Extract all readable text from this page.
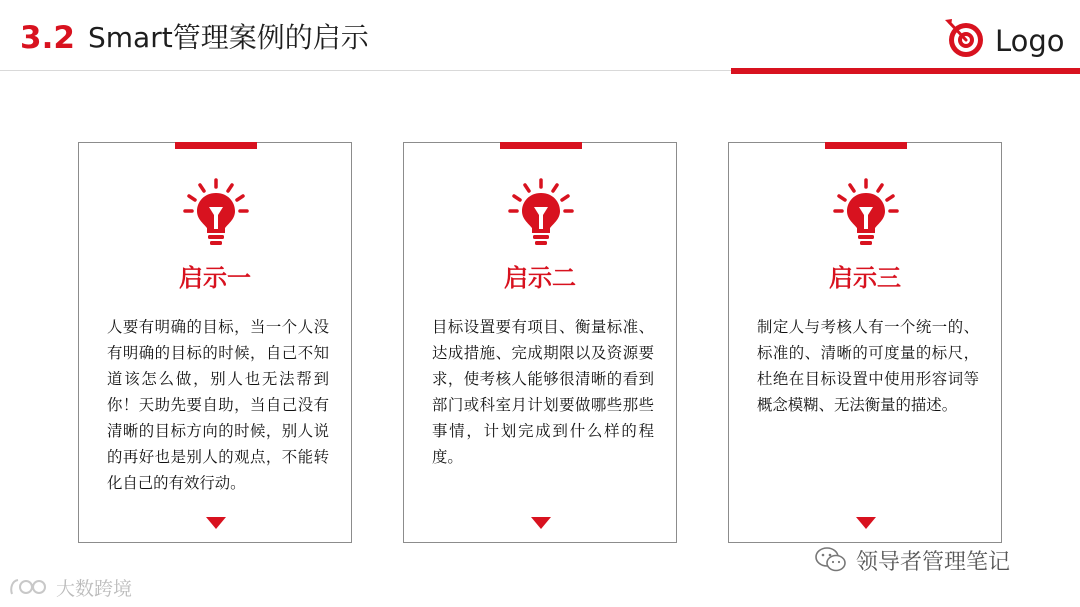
3.2 Smart管理案例的启示	Logo
启示一
人要有明确的目标，当一个人没有明确的目标的时候，自己不知道该怎么做，别人也无法帮到你！天助先要自助，当自己没有清晰的目标方向的时候，别人说的再好也是别人的观点，不能转化自己的有效行动。
启示二
目标设置要有项目、衡量标准、达成措施、完成期限以及资源要求，使考核人能够很清晰的看到部门或科室月计划要做哪些那些事情，计划完成到什么样的程度。
启示三
制定人与考核人有一个统一的、标准的、清晰的可度量的标尺，杜绝在目标设置中使用形容词等概念模糊、无法衡量的描述。
领导者管理笔记
大数跨境
